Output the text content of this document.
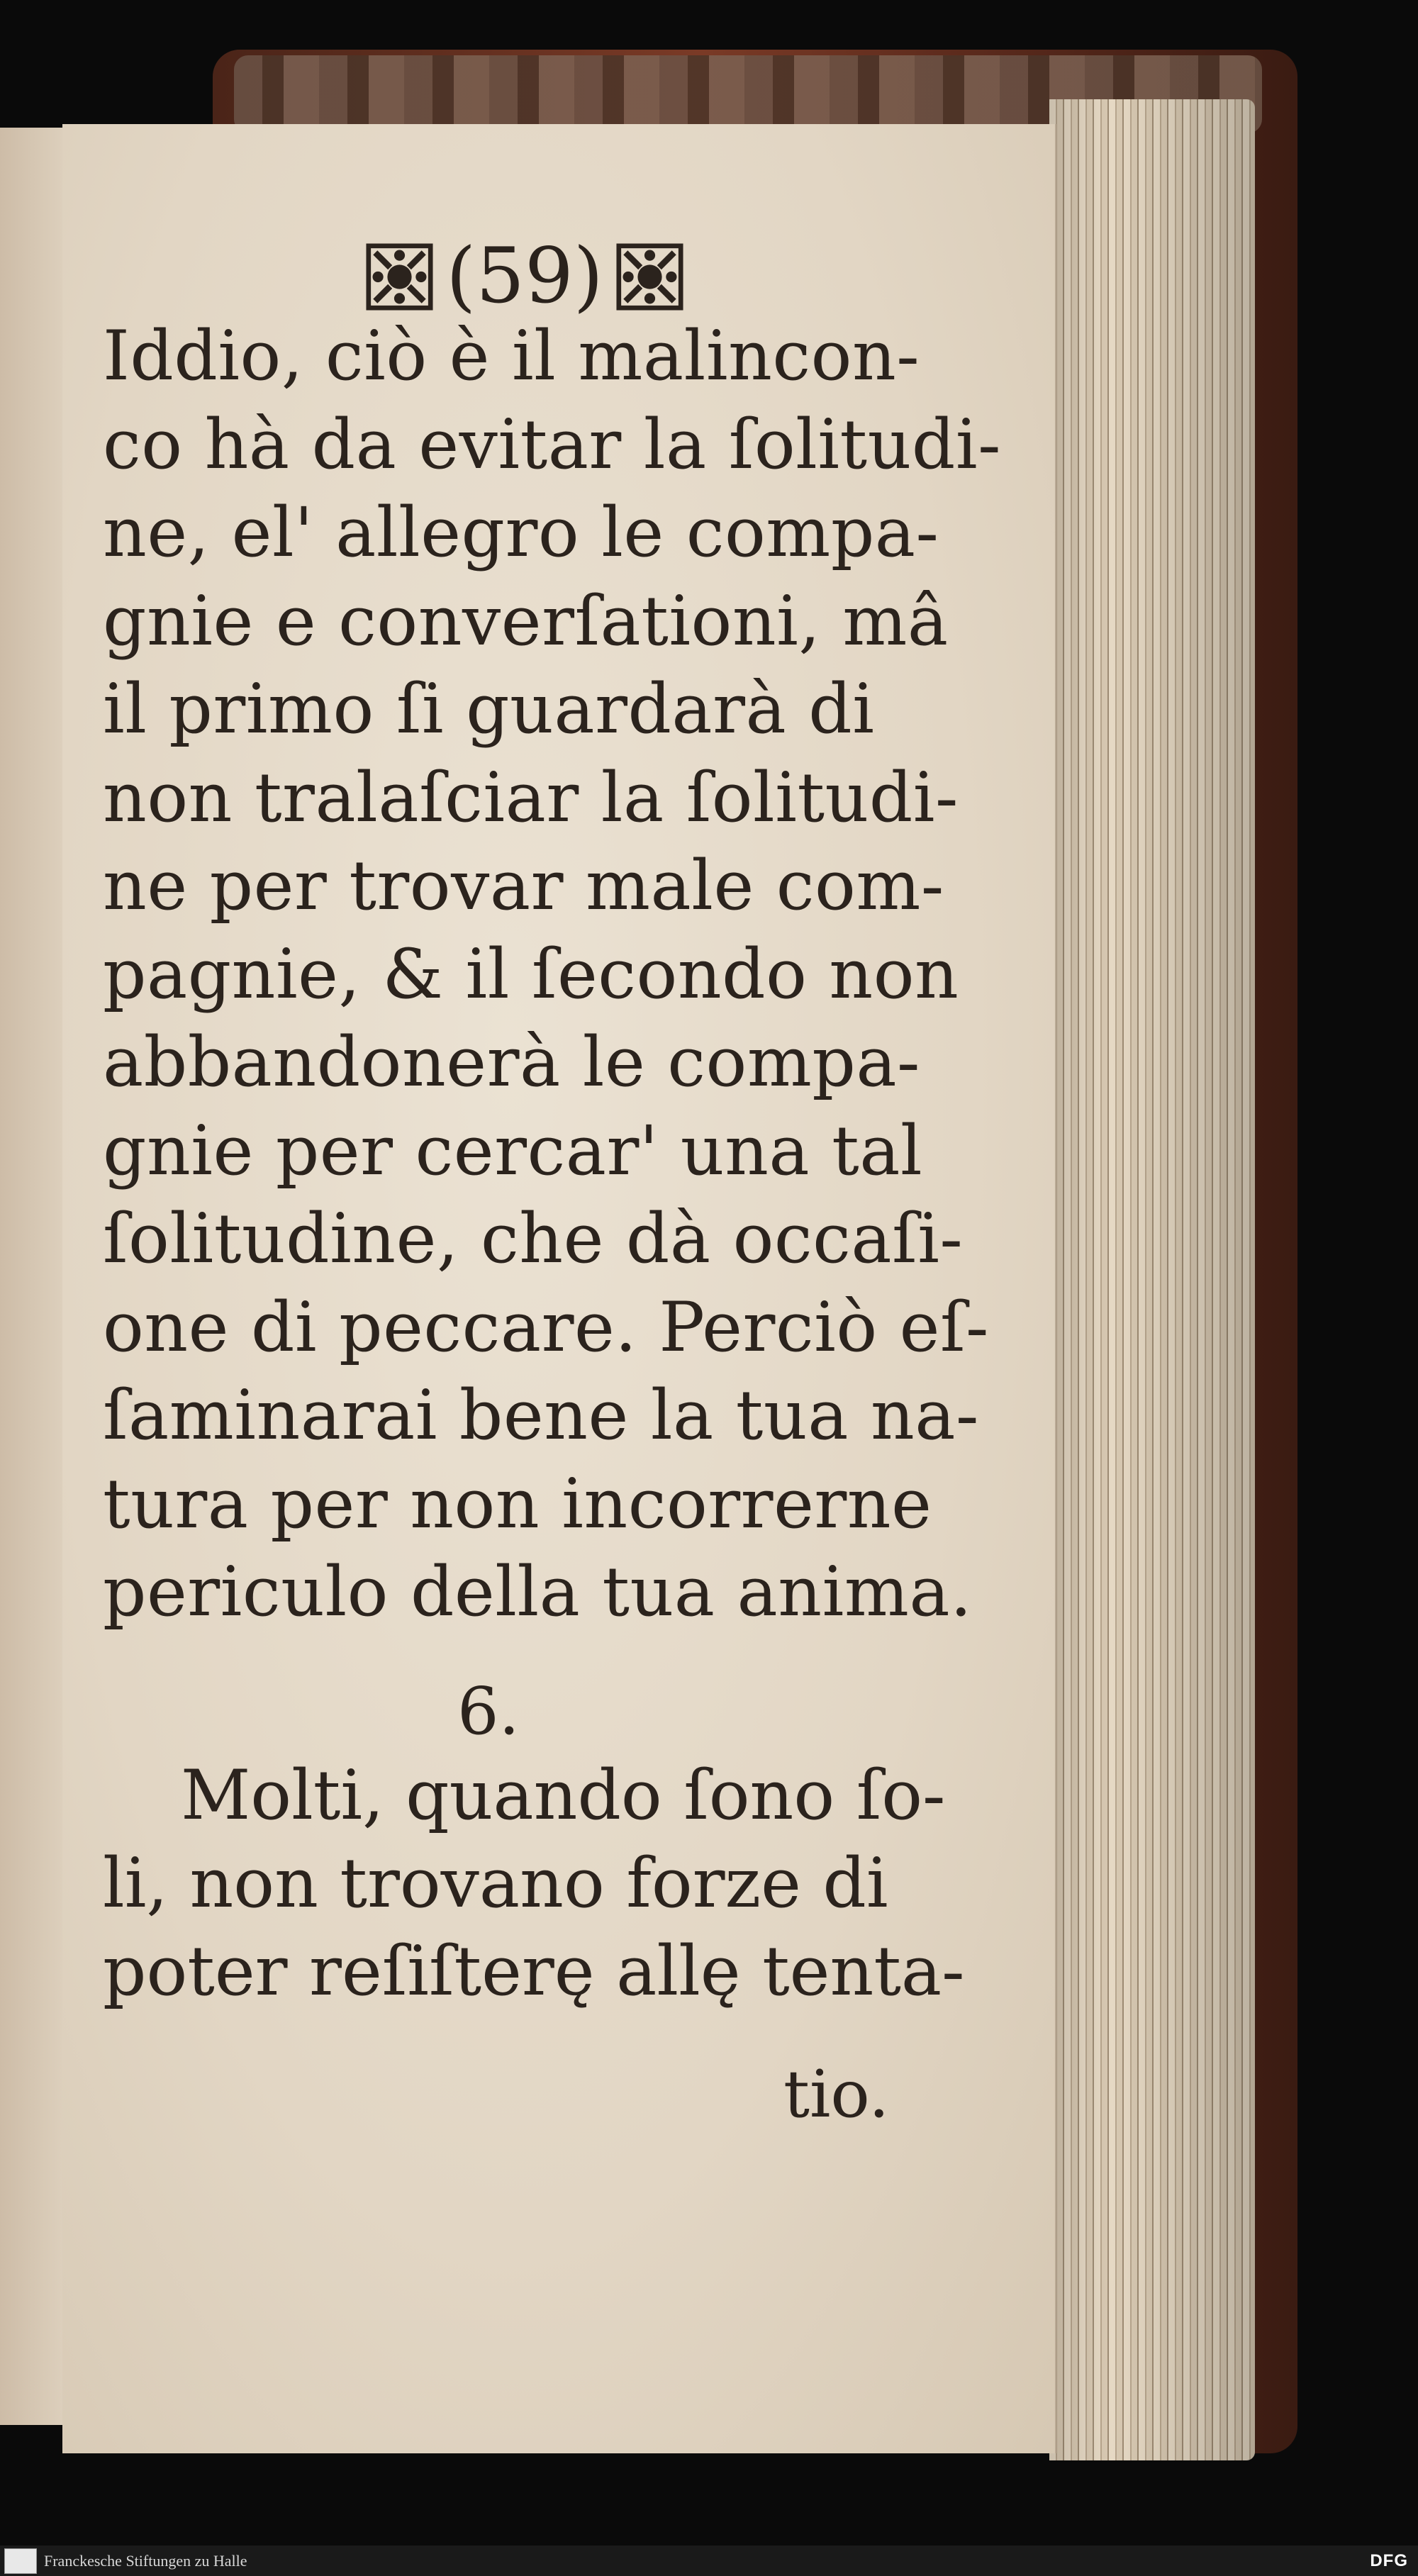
(59)
Iddio, ciò è il malincon-
co hà da evitar la ſolitudi-
ne, el' allegro le compa-
gnie e converſationi, mâ
il primo ſi guardarà di
non tralaſciar la ſolitudi-
ne per trovar male com-
pagnie, & il ſecondo non
abbandonerà le compa-
gnie per cercar' una tal
ſolitudine, che dà occaſi-
one di peccare. Perciò eſ-
ſaminarai bene la tua na-
tura per non incorrerne
periculo della tua anima.
6.
Molti, quando ſono ſo-
li, non trovano forze di
poter reſiſterę allę tenta-
tio.
Franckesche Stiftungen zu Halle	DFG
